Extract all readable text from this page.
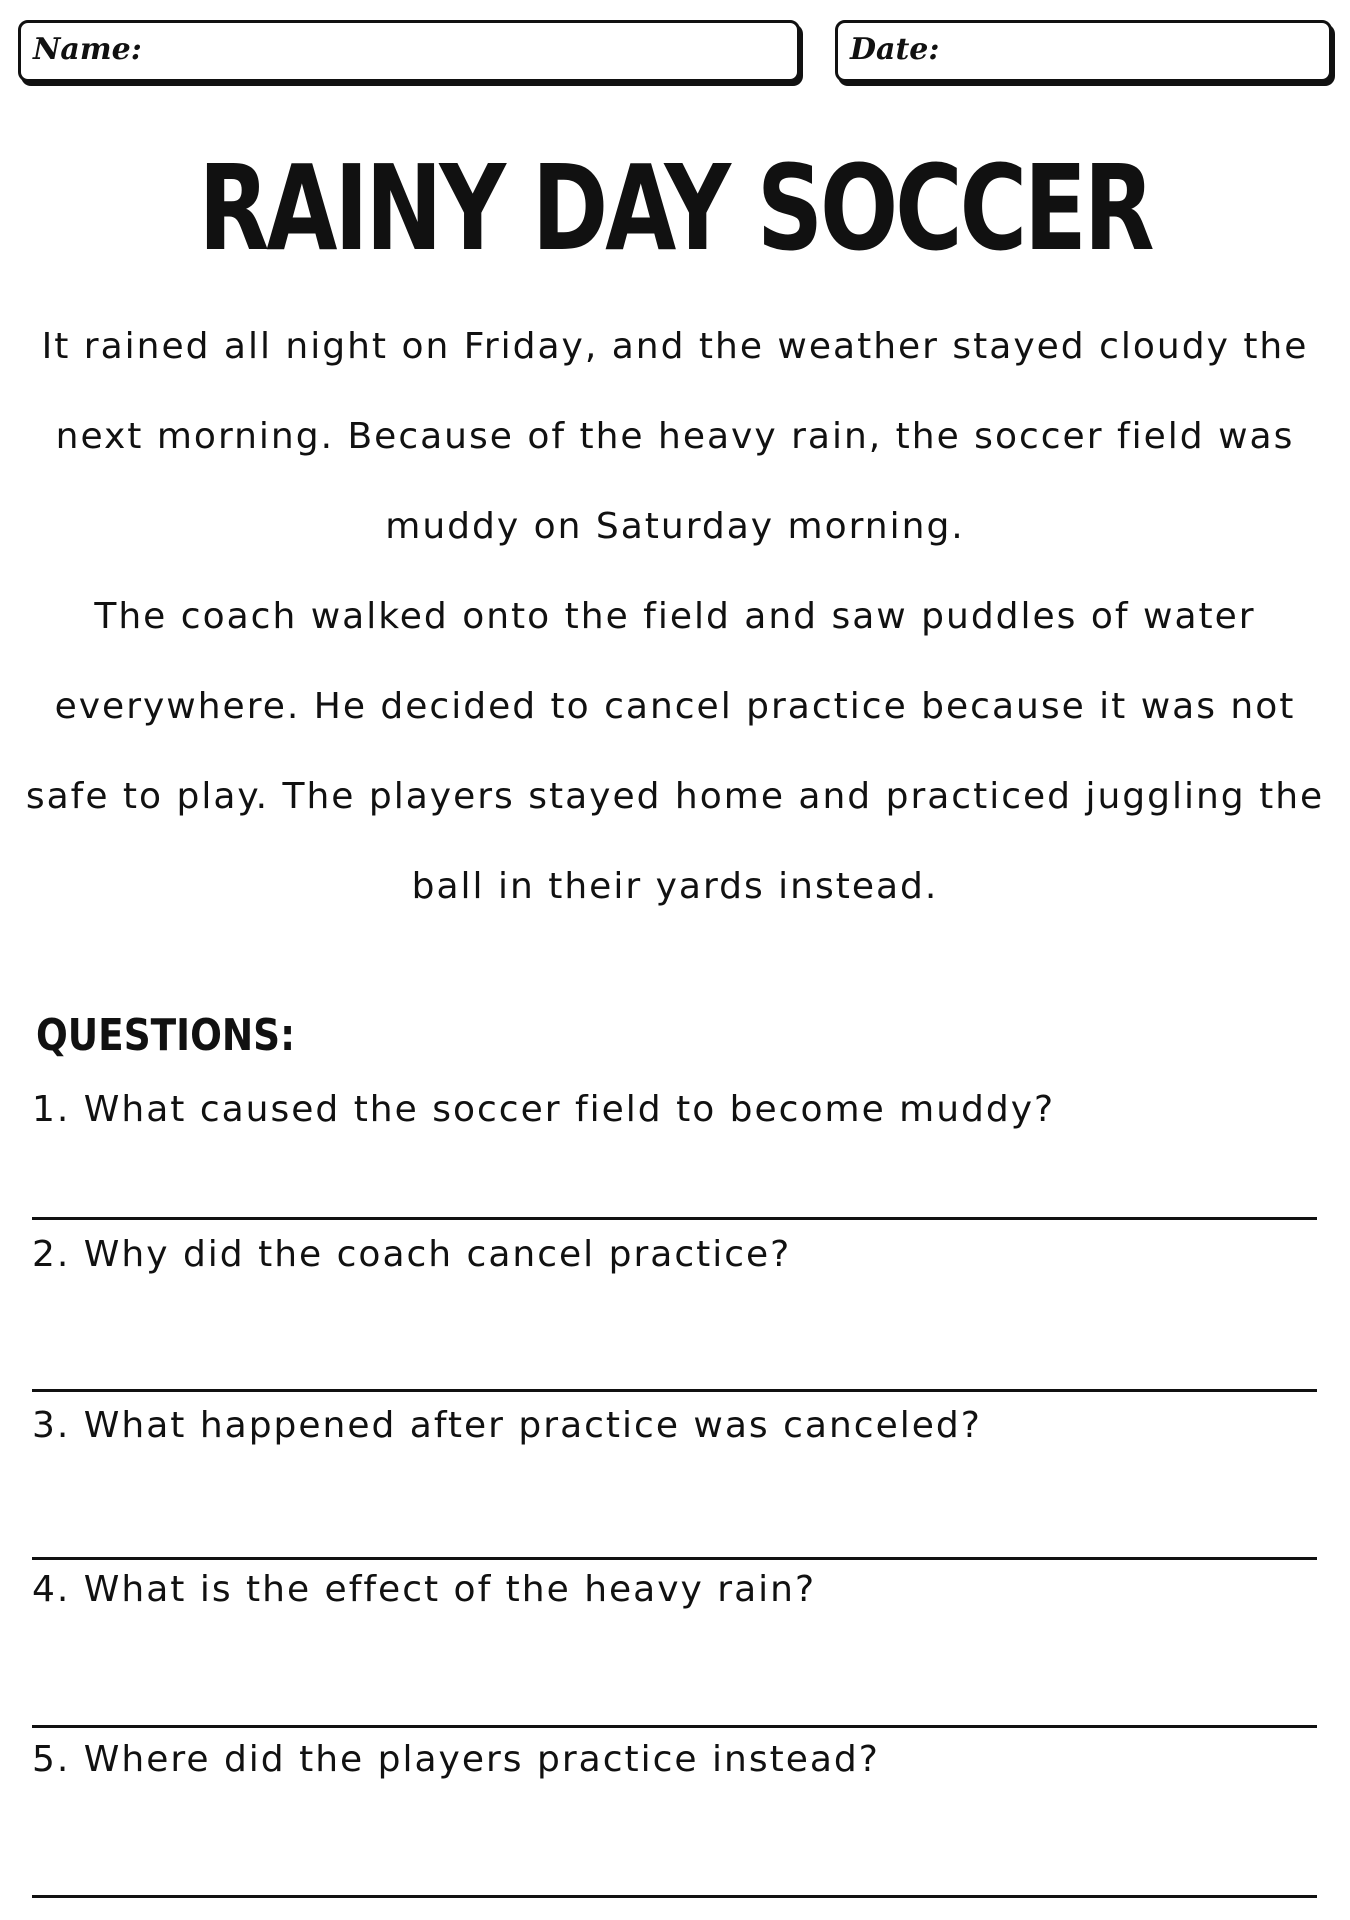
Name:	Date:
RAINY DAY SOCCER

It rained all night on Friday, and the weather stayed cloudy the next morning. Because of the heavy rain, the soccer field was muddy on Saturday morning.

The coach walked onto the field and saw puddles of water everywhere. He decided to cancel practice because it was not safe to play. The players stayed home and practiced juggling the ball in their yards instead.

QUESTIONS:
1. What caused the soccer field to become muddy?
2. Why did the coach cancel practice?
3. What happened after practice was canceled?
4. What is the effect of the heavy rain?
5. Where did the players practice instead?
